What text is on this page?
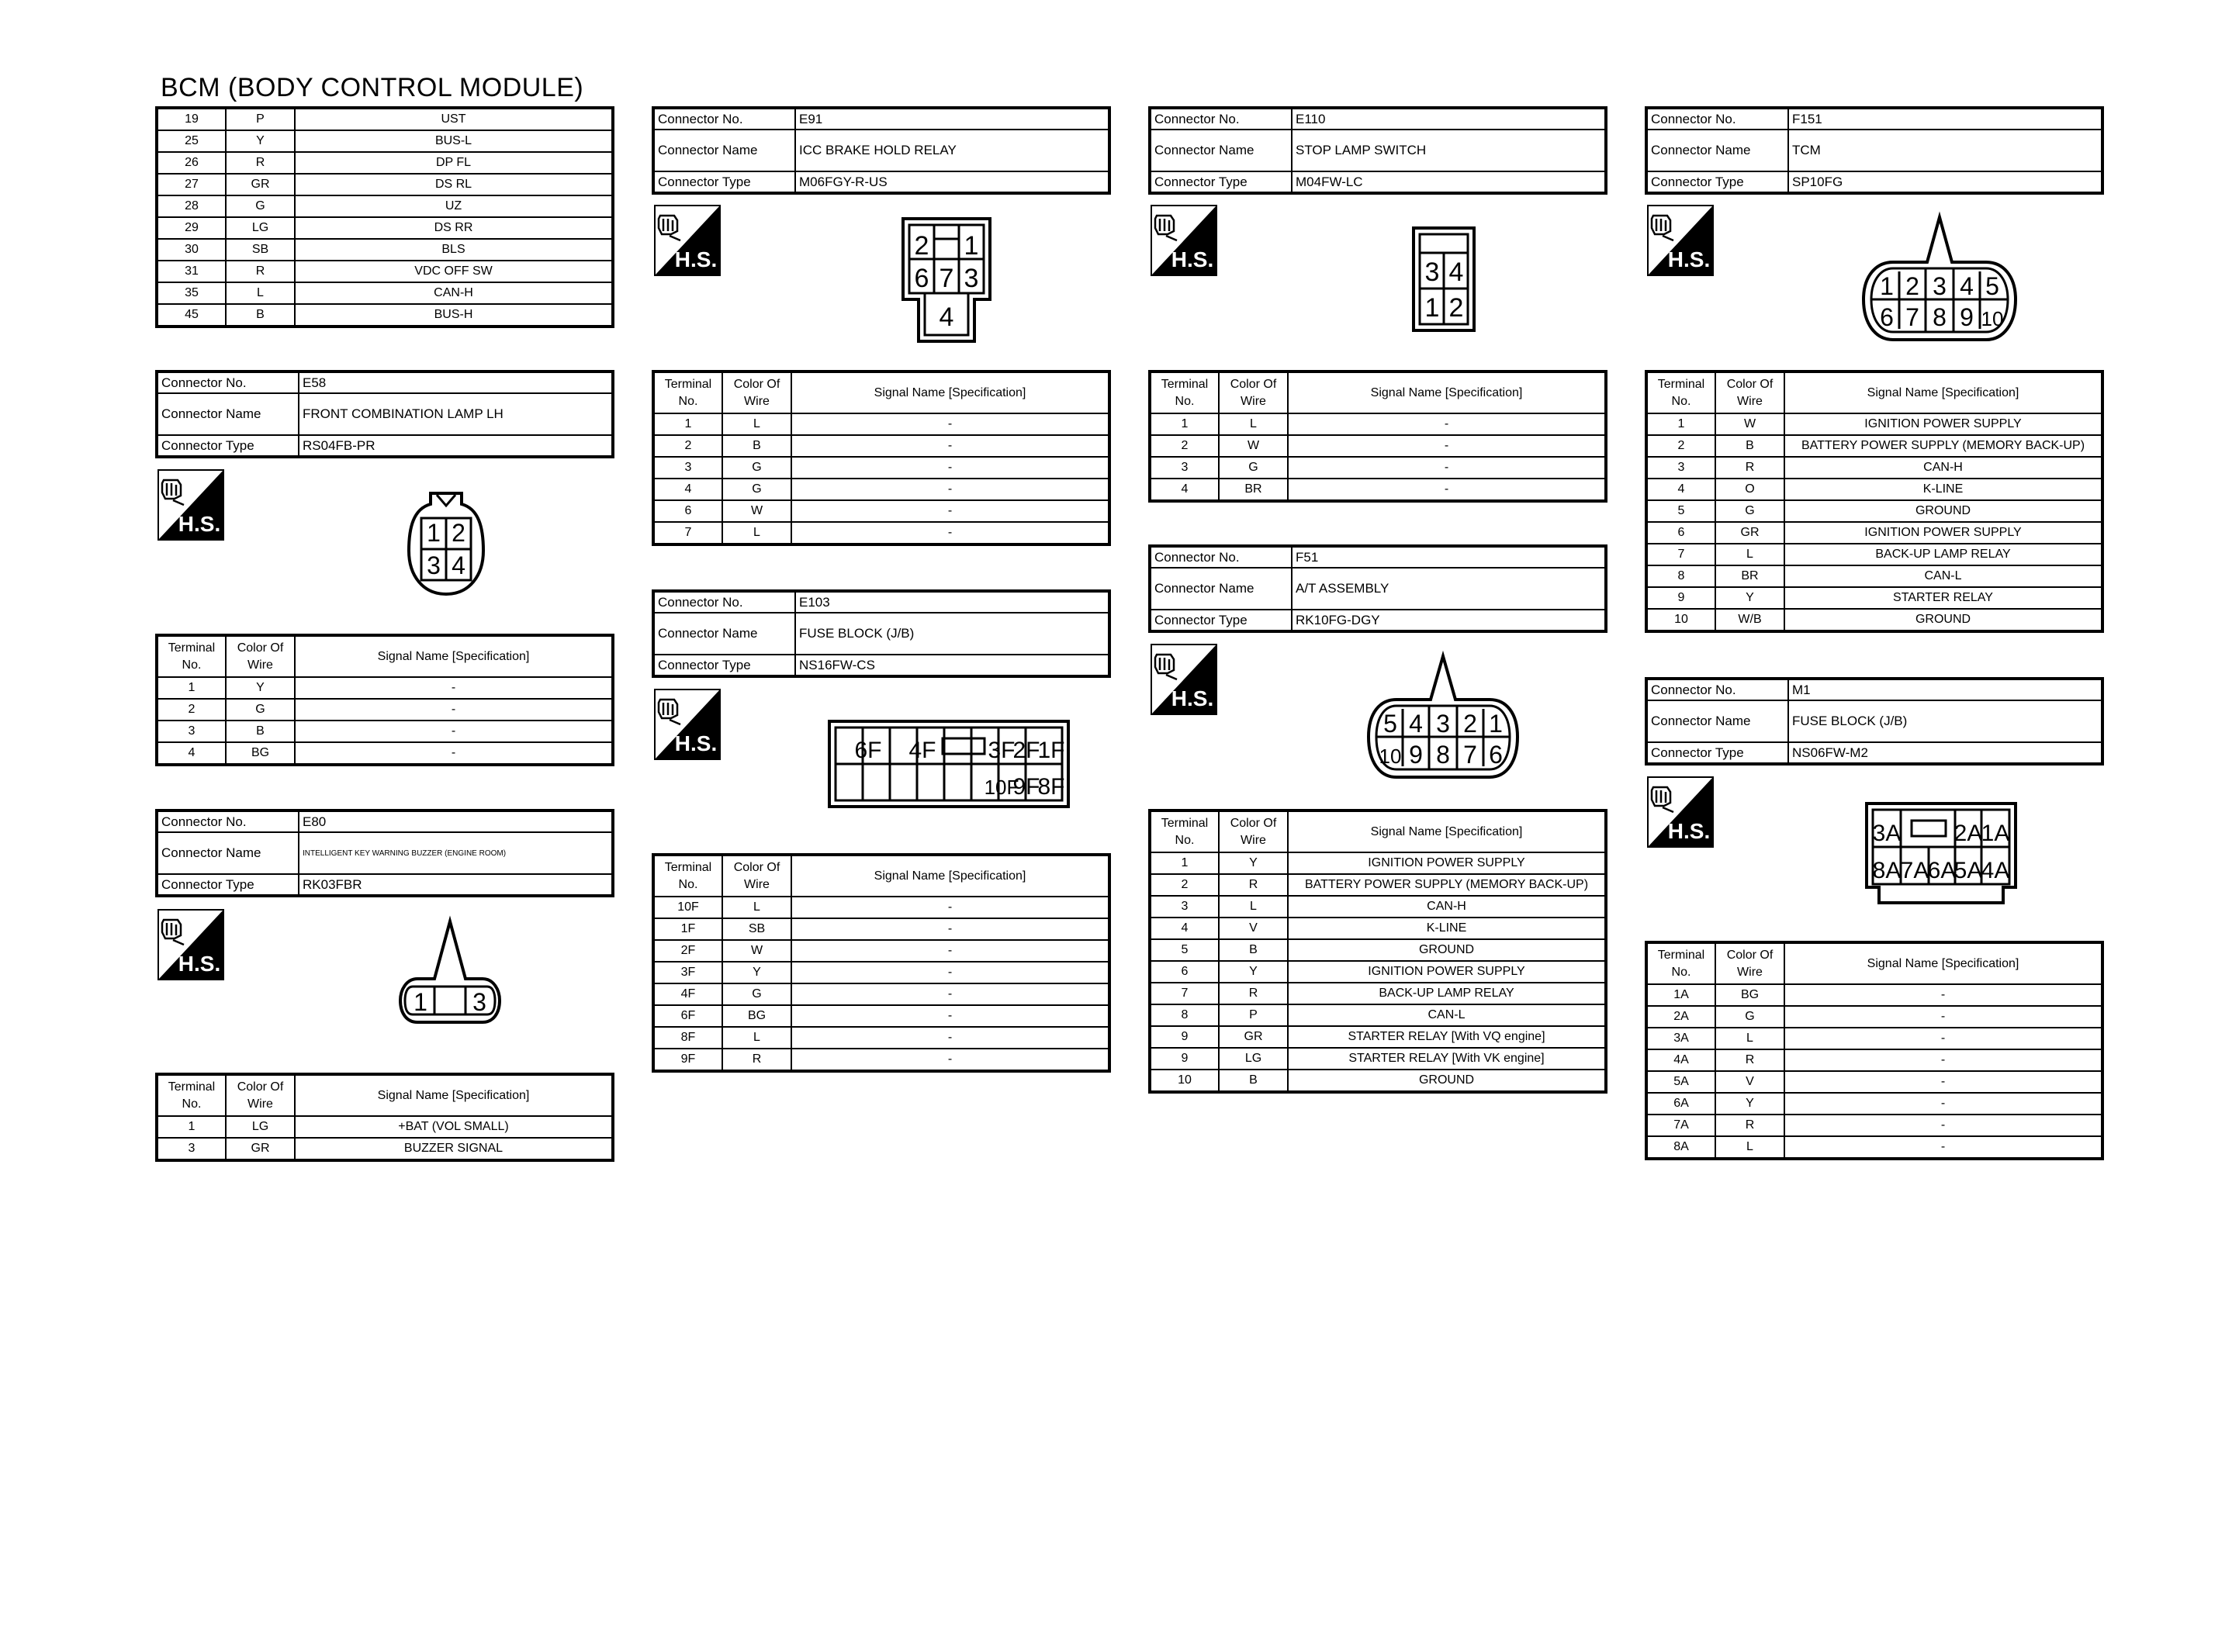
BCM (BODY CONTROL MODULE)
19	P	UST
25	Y	BUS-L
26	R	DP FL
27	GR	DS RL
28	G	UZ
29	LG	DS RR
30	SB	BLS
31	R	VDC OFF SW
35	L	CAN-H
45	B	BUS-H
Connector No.	E58
Connector Name	FRONT COMBINATION LAMP LH
Connector Type	RS04FB-PR
H.S.	1 2
3 4
Terminal No.	Color Of Wire	Signal Name [Specification]
1	Y	-
2	G	-
3	B	-
4	BG	-
Connector No.	E80
Connector Name	INTELLIGENT KEY WARNING BUZZER (ENGINE ROOM)
Connector Type	RK03FBR
H.S.
1 3
Terminal No.	Color Of Wire	Signal Name [Specification]
1	LG	+BAT (VOL SMALL)
3	GR	BUZZER SIGNAL
Connector No.	E91
Connector Name	ICC BRAKE HOLD RELAY
Connector Type	M06FGY-R-US
H.S.	2 1
6 7 3
4
Terminal No.	Color Of Wire	Signal Name [Specification]
1	L	-
2	B	-
3	G	-
4	G	-
6	W	-
7	L	-
Connector No.	E103
Connector Name	FUSE BLOCK (J/B)
Connector Type	NS16FW-CS
H.S.	6F 4F 3F
2F
1F
10F
9F
8F
Terminal No.	Color Of Wire	Signal Name [Specification]
10F	L	-
1F	SB	-
2F	W	-
3F	Y	-
4F	G	-
6F	BG	-
8F	L	-
9F	R	-
Connector No.	E110
Connector Name	STOP LAMP SWITCH
Connector Type	M04FW-LC
H.S.	3 4
1 2
Terminal No.	Color Of Wire	Signal Name [Specification]
1	L	-
2	W	-
3	G	-
4	BR	-
Connector No.	F51
Connector Name	A/T ASSEMBLY
Connector Type	RK10FG-DGY
H.S.
5 4 3 2 1
10 9 8 7 6
Terminal No.	Color Of Wire	Signal Name [Specification]
1	Y	IGNITION POWER SUPPLY
2	R	BATTERY POWER SUPPLY (MEMORY BACK-UP)
3	L	CAN-H
4	V	K-LINE
5	B	GROUND
6	Y	IGNITION POWER SUPPLY
7	R	BACK-UP LAMP RELAY
8	P	CAN-L
9	GR	STARTER RELAY [With VQ engine]
9	LG	STARTER RELAY [With VK engine]
10	B	GROUND
Connector No.	F151
Connector Name	TCM
Connector Type	SP10FG
H.S.
1 2 3 4 5
6 7 8 9 10
Terminal No.	Color Of Wire	Signal Name [Specification]
1	W	IGNITION POWER SUPPLY
2	B	BATTERY POWER SUPPLY (MEMORY BACK-UP)
3	R	CAN-H
4	O	K-LINE
5	G	GROUND
6	GR	IGNITION POWER SUPPLY
7	L	BACK-UP LAMP RELAY
8	BR	CAN-L
9	Y	STARTER RELAY
10	W/B	GROUND
Connector No.	M1
Connector Name	FUSE BLOCK (J/B)
Connector Type	NS06FW-M2
H.S.	3A 2A
1A
8A 7A
6A
5A
4A
Terminal No.	Color Of Wire	Signal Name [Specification]
1A	BG	-
2A	G	-
3A	L	-
4A	R	-
5A	V	-
6A	Y	-
7A	R	-
8A	L	-
